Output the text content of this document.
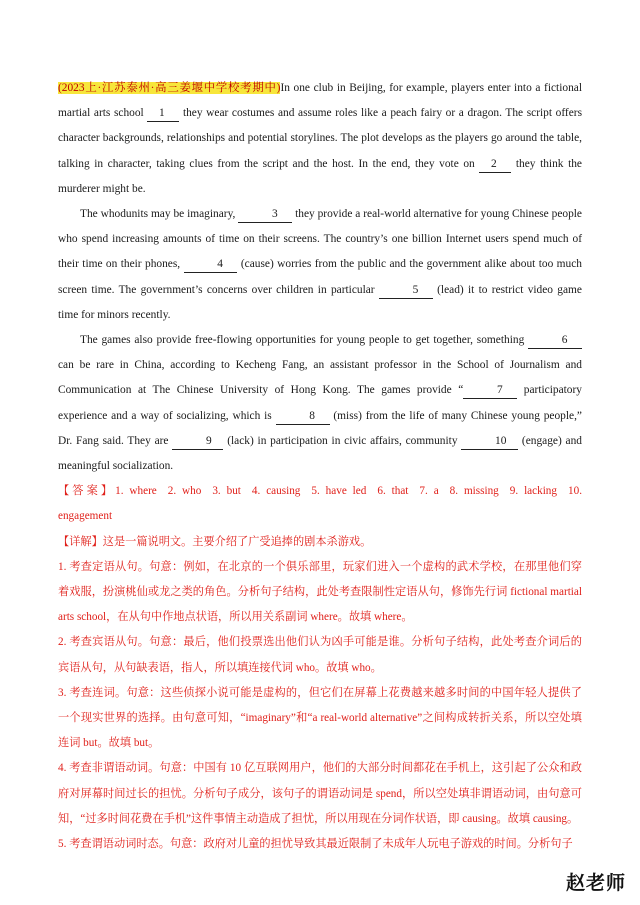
(2023上·江苏泰州·高三姜堰中学校考期中)In one club in Beijing, for example, players enter into a fictional martial arts school 1 they wear costumes and assume roles like a peach fairy or a dragon. The script offers character backgrounds, relationships and potential storylines. The plot develops as the players go around the table, talking in character, taking clues from the script and the host. In the end, they vote on 2 they think the murderer might be.

The whodunits may be imaginary,	3 they provide a real-world alternative for young Chinese people who spend increasing amounts of time on their screens. The country’s one billion Internet users spend much of their time on their phones,	4 (cause) worries from the public and the government alike about too much screen time. The government’s concerns over children in particular	5 (lead) it to restrict video game time for minors recently.

The games also provide free-flowing opportunities for young people to get together, something	6    can be rare in China, according to Kecheng Fang, an assistant professor in the School of Journalism and Communication at The Chinese University of Hong Kong. The games provide “	7 participatory experience and a way of socializing, which is	8 (miss) from the life of many Chinese young people,” Dr. Fang said. They are	9 (lack) in participation in civic affairs, community	10 (engage) and meaningful socialization.

【答案】1. where 2. who 3. but 4. causing 5. have led 6. that 7. a 8. missing 9. lacking 10. engagement

【详解】这是一篇说明文。主要介绍了广受追捧的剧本杀游戏。

1. 考查定语从句。句意：例如，在北京的一个俱乐部里，玩家们进入一个虚构的武术学校，在那里他们穿着戏服，扮演桃仙或龙之类的角色。分析句子结构，此处考查限制性定语从句，修饰先行词 fictional martial arts school，在从句中作地点状语，所以用关系副词 where。故填 where。

2. 考查宾语从句。句意：最后，他们投票选出他们认为凶手可能是谁。分析句子结构，此处考查介词后的宾语从句，从句缺表语，指人，所以填连接代词 who。故填 who。

3. 考查连词。句意：这些侦探小说可能是虚构的，但它们在屏幕上花费越来越多时间的中国年轻人提供了一个现实世界的选择。由句意可知，“imaginary”和“a real-world alternative”之间构成转折关系，所以空处填连词 but。故填 but。

4. 考查非谓语动词。句意：中国有 10 亿互联网用户，他们的大部分时间都花在手机上，这引起了公众和政府对屏幕时间过长的担忧。分析句子成分，该句子的谓语动词是 spend，所以空处填非谓语动词，由句意可知，“过多时间花费在手机”这件事情主动造成了担忧，所以用现在分词作状语，即 causing。故填 causing。

5. 考查谓语动词时态。句意：政府对儿童的担忧导致其最近限制了未成年人玩电子游戏的时间。分析句子

赵老师
